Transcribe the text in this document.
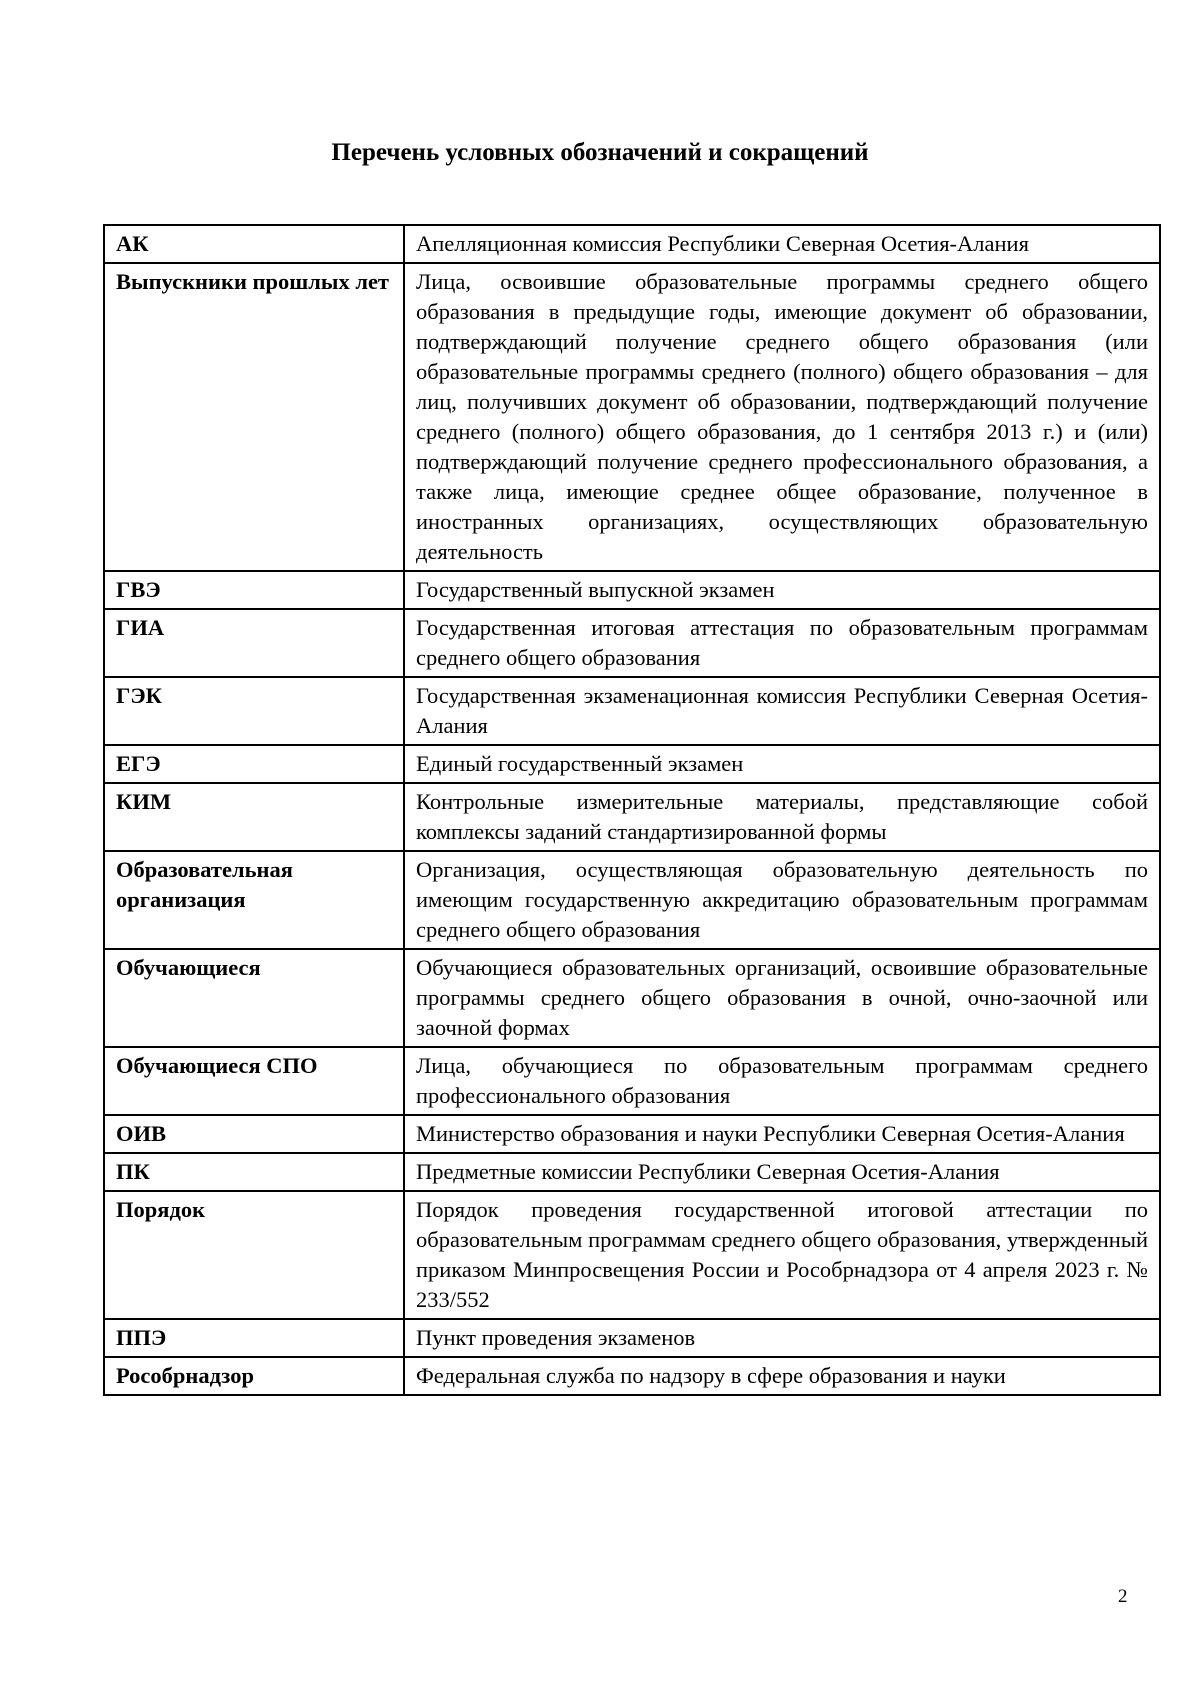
Перечень условных обозначений и сокращений
АК	Апелляционная комиссия Республики Северная Осетия-Алания
Выпускники прошлых лет	Лица, освоившие образовательные программы среднего общего образования в предыдущие годы, имеющие документ об образовании, подтверждающий получение среднего общего образования (или образовательные программы среднего (полного) общего образования – для лиц, получивших документ об образовании, подтверждающий получение среднего (полного) общего образования, до 1 сентября 2013 г.) и (или) подтверждающий получение среднего профессионального образования, а также лица, имеющие среднее общее образование, полученное в иностранных организациях, осуществляющих образовательную деятельность
ГВЭ	Государственный выпускной экзамен
ГИА	Государственная итоговая аттестация по образовательным программам среднего общего образования
ГЭК	Государственная экзаменационная комиссия Республики Северная Осетия-Алания
ЕГЭ	Единый государственный экзамен
КИМ	Контрольные измерительные материалы, представляющие собой комплексы заданий стандартизированной формы
Образовательная организация	Организация, осуществляющая образовательную деятельность по имеющим государственную аккредитацию образовательным программам среднего общего образования
Обучающиеся	Обучающиеся образовательных организаций, освоившие образовательные программы среднего общего образования в очной, очно-заочной или заочной формах
Обучающиеся СПО	Лица, обучающиеся по образовательным программам среднего профессионального образования
ОИВ	Министерство образования и науки Республики Северная Осетия-Алания
ПК	Предметные комиссии Республики Северная Осетия-Алания
Порядок	Порядок проведения государственной итоговой аттестации по образовательным программам среднего общего образования, утвержденный приказом Минпросвещения России и Рособрнадзора от 4 апреля 2023 г. № 233/552
ППЭ	Пункт проведения экзаменов
Рособрнадзор	Федеральная служба по надзору в сфере образования и науки
2
